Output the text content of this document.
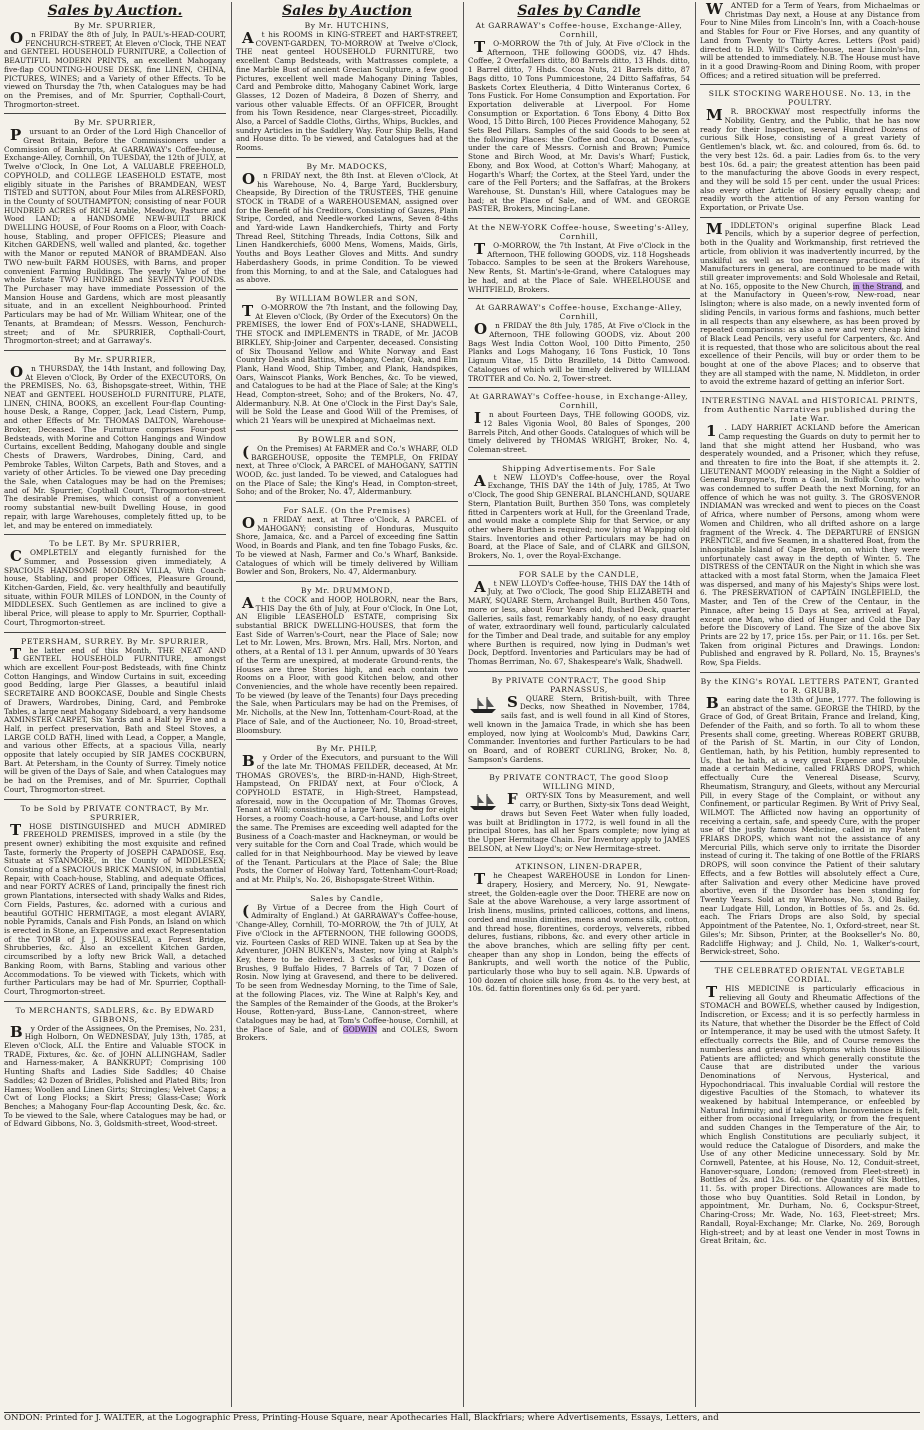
Sales by Auction.

By Mr. SPURRIER,

O n FRIDAY the 8th of July, In PAUL's-HEAD-COURT, FENCHURCH-STREET, At Eleven o'Clock, THE NEAT and GENTEEL HOUSEHOLD FURNITURE, a Collection of BEAUTIFUL MODERN PRINTS, an excellent Mahogany five-flap COUNTING-HOUSE DESK, fine LINEN, CHINA, PICTURES, WINES; and a Variety of other Effects. To be viewed on Thursday the 7th, when Catalogues may be had on the Premises, and of Mr. Spurrier, Copthall-Court, Throgmorton-street.

By Mr. SPURRIER,

P ursuant to an Order of the Lord High Chancellor of Great Britain, Before the Commissioners under a Commission of Bankrupts, At GARRAWAY's Coffee-house, Exchange-Alley, Cornhill, On TUESDAY, the 12th of JULY, at Twelve o'Clock, In One Lot, A VALUABLE FREEHOLD, COPYHOLD, and COLLEGE LEASEHOLD ESTATE, most eligibly situate in the Parishes of BRAMDEAN, WEST TISTED and SUTTON, about Four Miles from ALRESFORD, in the County of SOUTHAMPTON; consisting of near FOUR HUNDRED ACRES of RICH Arable, Meadow, Pasture and Wood LAND; a HANDSOME NEW-BUILT BRICK DWELLING HOUSE, of Four Rooms on a Floor, with Coach-house, Stabling, and proper OFFICES; Pleasure and Kitchen GARDENS, well walled and planted, &c. together with the Manor or reputed MANOR of BRAMDEAN. Also TWO new-built FARM HOUSES, with Barns, and proper convenient Farming Buildings. The yearly Value of the whole Estate TWO HUNDRED and SEVENTY POUNDS. The Purchaser may have immediate Possession of the Mansion House and Gardens, which are most pleasantly situate, and in an excellent Neighbourhood. Printed Particulars may be had of Mr. William Whitear, one of the Tenants, at Bramdean; of Messrs. Wesson, Fenchurch-street; and of Mr. SPURRIER, Copthall-Court, Throgmorton-street; and at Garraway's.

By Mr. SPURRIER,

O n THURSDAY, the 14th Instant, and following Day, At Eleven o'Clock, By Order of the EXECUTORS, On the PREMISES, No. 63, Bishopsgate-street, Within, THE NEAT and GENTEEL HOUSEHOLD FURNITURE, PLATE, LINEN, CHINA, BOOKS, an excellent Four-flap Counting-house Desk, a Range, Copper, Jack, Lead Cistern, Pump, and other Effects of Mr. THOMAS DALTON, Warehouse-Broker, Deceased. The Furniture comprises Four-post Bedsteads, with Morine and Cotton Hangings and Window Curtains, excellent Bedding, Mahogany double and single Chests of Drawers, Wardrobes, Dining, Card, and Pembroke Tables, Wilton Carpets, Bath and Stoves, and a variety of other Articles. To be viewed one Day preceding the Sale, when Catalogues may be had on the Premises; and of Mr. Spurrier, Copthall Court, Throgmorton-street. The desirable Premises, which consist of a convenient roomy substantial new-built Dwelling House, in good repair, with large Warehouses, completely fitted up, to be let, and may be entered on immediately.

To be LET. By Mr. SPURRIER,

C OMPLETELY and elegantly furnished for the Summer, and Possession given immediately, A SPACIOUS HANDSOME MODERN VILLA, With Coach-house, Stabling, and proper Offices, Pleasure Ground, Kitchen-Garden, Field, &c. very healthfully and beautifully situate, within FOUR MILES of LONDON, in the County of MIDDLESEX. Such Gentlemen as are inclined to give a liberal Price, will please to apply to Mr. Spurrier, Copthall-Court, Throgmorton-street.

PETERSHAM, SURREY. By Mr. SPURRIER,

T he latter end of this Month, THE NEAT AND GENTEEL HOUSEHOLD FURNITURE, amongst which are excellent Four-post Bedsteads, with fine Chintz Cotton Hangings, and Window Curtains in suit, exceeding good Bedding, large Pier Glasses, a beautiful inlaid SECRETAIRE AND BOOKCASE, Double and Single Chests of Drawers, Wardrobes, Dining, Card, and Pembroke Tables, a large neat Mahogany Sideboard, a very handsome AXMINSTER CARPET, Six Yards and a Half by Five and a Half, in perfect preservation, Bath and Steel Stoves, a LARGE COLD BATH, lined with Lead, a Copper, a Mangle, and various other Effects, at a spacious Villa, nearly opposite that lately occupied by SIR JAMES COCKBURN, Bart. At Petersham, in the County of Surrey. Timely notice will be given of the Days of Sale, and when Catalogues may be had on the Premises, and of Mr. Spurrier, Copthall Court, Throgmorton-street.

To be Sold by PRIVATE CONTRACT, By Mr. SPURRIER,

T HOSE DISTINGUISHED and MUCH ADMIRED FREEHOLD PREMISES, improved in a stile (by the present owner) exhibiting the most exquisite and refined Taste, formerly the Property of JOSEPH CAPADOSE, Esq. Situate at STANMORE, in the County of MIDDLESEX; Consisting of a SPACIOUS BRICK MANSION, in substantial Repair, with Coach-house, Stabling, and adequate Offices, and near FORTY ACRES of Land, principally the finest rich grown Plantations, intersected with shady Walks and Rides, Corn Fields, Pastures, &c. adorned with a curious and beautiful GOTHIC HERMITAGE, a most elegant AVIARY, noble Pyramids, Canals and Fish Ponds, an Island on which is erected in Stone, an Expensive and exact Representation of the TOMB of J. J. ROUSSEAU, a Forest Bridge, Shrubberies, &c. Also an excellent Kitchen Garden, circumscribed by a lofty new Brick Wall, a detached Banking Room, with Barns, Stabling and various other Accommodations. To be viewed with Tickets, which with further Particulars may be had of Mr. Spurrier, Copthall-Court, Throgmorton-street.

To MERCHANTS, SADLERS, &c. By EDWARD GIBBONS,

B y Order of the Assignees, On the Premises, No. 231, High Holborn, On WEDNESDAY, July 13th, 1785, at Eleven o'Clock, ALL the Entire and Valuable STOCK in TRADE, Fixtures, &c. &c. of JOHN ALLINGHAM, Sadler and Harness-maker, A BANKRUPT; Comprising 100 Hunting Shafts and Ladies Side Saddles; 40 Chaise Saddles; 42 Dozen of Bridles, Polished and Plated Bits; Iron Hames; Woollen and Linen Girts; Strcingles; Velvet Caps; a Cwt of Long Flocks; a Skirt Press; Glass-Case; Work Benches; a Mahogany Four-flap Accounting Desk, &c. &c. To be viewed to the Sale, where Catalogues may be had, or of Edward Gibbons, No. 3, Goldsmith-street, Wood-street.

Sales by Auction

By Mr. HUTCHINS,

A t his ROOMS in KING-STREET and HART-STREET, COVENT-GARDEN, TO-MORROW at Twelve o'Clock, THE neat genteel HOUSEHOLD FURNITURE, two excellent Camp Bedsteads, with Mattrasses complete, a fine Marble Bust of ancient Grecian Sculpture, a few good Pictures, excellent well made Mahogany Dining Tables, Card and Pembroke ditto, Mahogany Cabinet Work, large Glasses, 12 Dozen of Madeira, 8 Dozen of Sherry, and various other valuable Effects. Of an OFFICER, Brought from his Town Residence, near Clarges-street, Piccadilly. Also, a Parcel of Saddle Cloths, Girths, Whips, Buckles, and sundry Articles in the Saddlery Way. Four Ship Bells, Hand and House ditto. To be viewed, and Catalogues had at the Rooms.

By Mr. MADOCKS,

O n FRIDAY next, the 8th Inst. at Eleven o'Clock, At his Warehouse, No. 4, Barge Yard, Bucklersbury, Cheapside, By Direction of the TRUSTEES, THE genuine STOCK in TRADE of a WAREHOUSEMAN, assigned over for the Benefit of his Creditors, Consisting of Gauzes, Plain Stripe, Corded, and Needle-worked Lawns, Seven 8-4ths and Yard-wide Lawn Handkerchiefs, Thirty and Forty Thread Reel, Stitching Threads, India Cottons, Silk and Linen Handkerchiefs, 6000 Mens, Womens, Maids, Girls, Youths and Boys Leather Gloves and Mitts. And sundry Haberdashery Goods, in prime Condition. To be viewed from this Morning, to and at the Sale, and Catalogues had as above.

By WILLIAM BOWLER and SON,

T O-MORROW the 7th Instant, and the following Day, At Eleven o'Clock, (By Order of the Executors) On the PREMISES, the lower End of FOX's-LANE, SHADWELL, THE STOCK and IMPLEMENTS in TRADE, of Mr. JACOB BIRKLEY, Ship-Joiner and Carpenter, deceased. Consisting of Six Thousand Yellow and White Norway and East Country Deals and Battins, Mahogany, Cedar, Oak, and Elm Plank, Hand Wood, Ship Timber, and Plank, Handspikes, Oars, Wainscot Planks, Work Benches, &c. To be viewed, and Catalogues to be had at the Place of Sale; at the King's Head, Compton-street, Soho; and of the Brokers, No. 47, Aldermanbury. N.B. At One o'Clock in the First Day's Sale, will be Sold the Lease and Good Will of the Premises, of which 21 Years will be unexpired at Michaelmas next.

By BOWLER and SON,

( On the Premises) At FARMER and Co.'s WHARF, OLD BARGEHOUSE, opposite the TEMPLE, On FRIDAY next, at Three o'Clock, A PARCEL of MAHOGANY, SATTIN WOOD, &c. just landed. To be viewed, and Catalogues had on the Place of Sale; the King's Head, in Compton-street, Soho; and of the Broker, No. 47, Aldermanbury.

For SALE. (On the Premises)

O n FRIDAY next, at Three o'Clock, A PARCEL of MAHOGANY; consisting of Honduras, Musquito Shore, Jamaica, &c. and a Parcel of exceeding fine Sattin Wood, in Boards and Plank, and ten fine Tobago Fusks, &c. To be viewed at Nash, Farmer and Co.'s Wharf, Bankside. Catalogues of which will be timely delivered by William Bowler and Son, Brokers, No. 47, Aldermanbury.

By Mr. DRUMMOND,

A t the COCK and HOOP, HOLBORN, near the Bars, THIS Day the 6th of July, at Four o'Clock, In One Lot, AN Eligible LEASEHOLD ESTATE, comprising Six substantial BRICK DWELLING-HOUSES, that form the East Side of Warren's-Court, near the Place of Sale; now Let to Mr. Lowen, Mrs. Brown, Mrs. Hall, Mrs. Norton, and others, at a Rental of 13 l. per Annum, upwards of 30 Years of the Term are unexpired, at moderate Ground-rents, the Houses are three Stories high, and each contain two Rooms on a Floor, with good Kitchen below, and other Conveniencies, and the whole have recently been repaired. To be viewed (by leave of the Tenants) four Days preceding the Sale, when Particulars may be had on the Premises, of Mr. Nicholls, at the New Inn, Tottenham-Court-Road, at the Place of Sale, and of the Auctioneer, No. 10, Broad-street, Bloomsbury.

By Mr. PHILP,

B y Order of the Executors, and pursuant to the Will of the late Mr. THOMAS FEILDER, deceased, At Mr. THOMAS GROVES's, the BIRD-in-HAND, High-Street, Hampstead, On FRIDAY next, at Four o'Clock, A COPYHOLD ESTATE, in High-Street, Hampstead, aforesaid, now in the Occupation of Mr. Thomas Groves, Tenant at Will; consisting of a large Yard, Stabling for eight Horses, a roomy Coach-house, a Cart-house, and Lofts over the same. The Premises are exceeding well adapted for the Business of a Coach-master and Hackneyman, or would be very suitable for the Corn and Coal Trade, which would be called for in that Neighbourhood. May be viewed by leave of the Tenant. Particulars at the Place of Sale; the Blue Posts, the Corner of Holway Yard, Tottenham-Court-Road; and at Mr. Philp's, No. 26, Bishopsgate-Street Within.

Sales by Candle,

( By Virtue of a Decree from the High Court of Admiralty of England.) At GARRAWAY's Coffee-house, 'Change-Alley, Cornhill, TO-MORROW, the 7th of JULY, At Five o'Clock in the AFTERNOON, THE following GOODS, viz. Fourteen Casks of RED WINE. Taken up at Sea by the Adventurer, JOHN BUKEN's, Master, now lying at Ralph's Key, there to be delivered. 3 Casks of Oil, 1 Case of Brushes, 9 Buffalo Hides, 7 Barrels of Tar, 7 Dozen of Rosin. Now lying at Gravesend, and there to be delivered. To be seen from Wednesday Morning, to the Time of Sale, at the following Places, viz. The Wine at Ralph's Key, and the Samples of the Remainder of the Goods, at the Broker's House, Rotten-yard, Buss-Lane, Cannon-street, where Catalogues may be had, at Tom's Coffee-house, Cornhill, at the Place of Sale, and of GODWIN and COLES, Sworn Brokers.

Sales by Candle

At GARRAWAY's Coffee-house, Exchange-Alley, Cornhill,

T O-MORROW the 7th of July, At Five o'Clock in the Afternoon, THE following GOODS, viz. 47 Hhds. Coffee, 2 Overfallers ditto, 80 Barrels ditto, 13 Hhds. ditto, 1 Barrel ditto, 7 Hhds. Cocoa Nuts, 21 Barrels ditto, 87 Bags ditto, 10 Tons Pummicestone, 24 Ditto Saffafras, 54 Baskets Cortex Eleutheria, 4 Ditto Winteranus Cortex, 6 Tons Fustick. For Home Consumption and Exportation. For Exportation deliverable at Liverpool. For Home Consumption or Exportation. 6 Tons Ebony, 4 Ditto Box Wood, 15 Ditto Birch, 100 Pieces Providence Mahogany, 52 Sets Bed Pillars. Samples of the said Goods to be seen at the following Places: the Coffee and Cocoa, at Downes's, under the care of Messrs. Cornish and Brown; Pumice Stone and Birch Wood, at Mr. Davis's Wharf; Fustick, Ebony, and Box Wood, at Cotton's Wharf; Mahogany, at Hogarth's Wharf; the Cortex, at the Steel Yard, under the care of the Fell Porters; and the Saffafras, at the Brokers Warehouse, St. Dunstan's Hill, where Catalogues may be had; at the Place of Sale, and of WM. and GEORGE PASTER, Brokers, Mincing-Lane.

At the NEW-YORK Coffee-house, Sweeting's-Alley, Cornhill,

T O-MORROW, the 7th Instant, At Five o'Clock in the Afternoon, THE following GOODS, viz. 118 Hogsheads Tobacco. Samples to be seen at the Brokers Warehouse, New Rents, St. Martin's-le-Grand, where Catalogues may be had, and at the Place of Sale. WHEELHOUSE and WHITFIELD, Brokers.

At GARRAWAY's Coffee-house, Exchange-Alley, Cornhill,

O n FRIDAY the 8th July, 1785, At Five o'Clock in the Afternoon, THE following GOODS, viz. About 200 Bags West India Cotton Wool, 100 Ditto Pimento, 250 Planks and Logs Mahogany, 16 Tons Fustick, 10 Tons Lignum Vitae, 15 Ditto Brazilleto, 14 Ditto Camwood. Catalogues of which will be timely delivered by WILLIAM TROTTER and Co. No. 2, Tower-street.

At GARRAWAY's Coffee-house, in Exchange-Alley, Cornhill,

I n about Fourteen Days, THE following GOODS, viz. 12 Bales Vigonia Wool, 80 Bales of Sponges, 200 Barrels Pitch, And other Goods. Catalogues of which will be timely delivered by THOMAS WRIGHT, Broker, No. 4, Coleman-street.

Shipping Advertisements. For Sale

A t NEW LLOYD's Coffee-house, over the Royal Exchange, THIS DAY the 14th of July, 1785, At Two o'Clock, The good Ship GENERAL BLANCHLAND, SQUARE Stern, Plantation Built, Burthen 350 Tons, was completely fitted in Carpenters work at Hull, for the Greenland Trade, and would make a complete Ship for that Service, or any other where Burthen is required; now lying at Wapping old Stairs. Inventories and other Particulars may be had on Board, at the Place of Sale, and of CLARK and GILSON, Brokers, No. 1, over the Royal-Exchange.

FOR SALE by the CANDLE,

A t NEW LLOYD's Coffee-house, THIS DAY the 14th of July, at Two o'Clock, The good Ship ELIZABETH and MARY, SQUARE Stern, Archangel Built, Burthen 450 Tons, more or less, about Four Years old, flushed Deck, quarter Galleries, sails fast, remarkably handy, of no easy draught of water, extraordinary well found, particularly calculated for the Timber and Deal trade, and suitable for any employ where Burthen is required, now lying in Dudman's wet Dock, Deptford. Inventories and Particulars may be had of Thomas Berriman, No. 67, Shakespeare's Walk, Shadwell.

By PRIVATE CONTRACT, The good Ship PARNASSUS,

S QUARE Stern, British-built, with Three Decks, now Sheathed in November, 1784, sails fast, and is well found in all Kind of Stores, well known in the Jamaica Trade, in which she has been employed, now lying at Woolcomb's Mud, Dawkins Carr, Commander. Inventories and further Particulars to be had on Board, and of ROBERT CURLING, Broker, No. 8, Sampson's Gardens.

By PRIVATE CONTRACT, The good Sloop WILLING MIND,

F ORTY-SIX Tons by Measurement, and well carry, or Burthen, Sixty-six Tons dead Weight, draws but Seven Feet Water when fully loaded, was built at Bridlington in 1772, is well found in all the principal Stores, has all her Spars complete; now lying at the Upper Hermitage Chain. For Inventory apply to JAMES BELSON, at New Lloyd's; or New Hermitage-street.

ATKINSON, LINEN-DRAPER,

T he Cheapest WAREHOUSE in London for Linen-drapery, Hosiery, and Mercery, No. 91, Newgate-street, the Golden-eagle over the Door. THERE are now on Sale at the above Warehouse, a very large assortment of Irish linens, muslins, printed callicoes, cottons, and linens, corded and muslin dimities, mens and womens silk, cotton, and thread hose, florentines, corderoys, velverets, ribbed delures, fustians, ribbons, &c. and every other article in the above branches, which are selling fifty per cent. cheaper than any shop in London, being the effects of Bankrupts, and well worth the notice of the Public, particularly those who buy to sell again. N.B. Upwards of 100 dozen of choice silk hose, from 4s. to the very best, at 10s. 6d. fattin florentines only 6s 6d. per yard.

W ANTED for a Term of Years, from Michaelmas or Christmas Day next, a House at any Distance from Four to Nine Miles from Lincoln's Inn, with a Coach-house and Stables for Four or Five Horses, and any quantity of Land from Twenty to Thirty Acres. Letters (Post paid) directed to H.D. Will's Coffee-house, near Lincoln's-Inn, will be attended to immediately. N.B. The House must have in it a good Drawing-Room and Dining Room, with proper Offices; and a retired situation will be preferred.

SILK STOCKING WAREHOUSE. No. 13, in the POULTRY.

M R. BROCKWAY most respectfully informs the Nobility, Gentry, and the Public, that he has now ready for their Inspection, several Hundred Dozens of curious Silk Hose, consisting of a great variety of Gentlemen's black, wt. &c. and coloured, from 6s. 6d. to the very best 12s. 6d. a pair. Ladies from 6s. to the very best 10s. 6d. a pair; the greatest attention has been paid to the manufacturing the above Goods in every respect, and they will be sold 15 per cent. under the usual Prices: also every other Article of Hosiery equally cheap; and readily worth the attention of any Person wanting for Exportation, or Private Use.

M IDDLETON's original superfine Black Lead Pencils, which by a superior degree of perfection, both in the Quality and Workmanship, first retrieved the article, from oblivion it was inadvertently incurred, by the unskilful as well as too mercenary practices of its Manufacturers in general, are continued to be made with still greater improvements: and Sold Wholesale and Retail, at No. 165, opposite to the New Church, in the Strand, and at the Manufactory in Queen's-row, New-road, near Islington; where is also made, on a newly invented form of sliding Pencils, in various forms and fashions, much better in all respects than any elsewhere, as has been proved by repeated comparisons: as also a new and very cheap kind of Black Lead Pencils, very useful for Carpenters, &c. And it is requested, that those who are solicitous about the real excellence of their Pencils, will buy or order them to be bought at one of the above Places; and to observe that they are all stamped with the name, N. Middleton, in order to avoid the extreme hazard of getting an inferior Sort.

INTERESTING NAVAL and HISTORICAL PRINTS, from Authentic Narratives published during the late War.

1 . LADY HARRIET ACKLAND before the American Camp requesting the Guards on duty to permit her to land that she might attend her Husband, who was desperately wounded, and a Prisoner, which they refuse, and threaten to fire into the Boat, if she attempts it. 2. LIEUTENANT MOODY releasing in the Night a Soldier of General Burgoyne's, from a Gaol, in Suffolk County, who was condemned to suffer Death the next Morning, for an offence of which he was not guilty. 3. The GROSVENOR INDIAMAN was wrecked and went to pieces on the Coast of Africa, where number of Persons, among whom were Women and Children, who all drifted ashore on a large fragment of the Wreck. 4. The DEPARTURE of ENSIGN PRENTICE, and five Seamen, in a shattered Boat, from the inhospitable Island of Cape Breton, on which they were unfortunately cast away in the depth of Winter. 5. The DISTRESS of the CENTAUR on the Night in which she was attacked with a most fatal Storm, when the Jamaica Fleet was dispersed, and many of his Majesty's Ships were lost. 6. The PRESERVATION of CAPTAIN INGLEFIELD, the Master, and Ten of the Crew of the Centaur, in the Pinnace, after being 15 Days at Sea, arrived at Fayal, except one Man, who died of Hunger and Cold the Day before the Discovery of Land. The Size of the above Six Prints are 22 by 17, price 15s. per Pair, or 11. 16s. per Set. Taken from original Pictures and Drawings. London: Published and engraved by R. Pollard, No. 15, Braynes's Row, Spa Fields.

By the KING's ROYAL LETTERS PATENT, Granted to R. GRUBB,

B earing date the 13th of June, 1777. The following is an abstract of the same. GEORGE the THIRD, by the Grace of God, of Great Britain, France and Ireland, King, Defender of the Faith, and so forth. To all to whom these Presents shall come, greeting. Whereas ROBERT GRUBB, of the Parish of St. Martin, in our City of London, Gentleman, hath, by his Petition, humbly represented to Us, that he hath, at a very great Expence and Trouble, made a certain Medicine, called FRIARS DROPS, which effectually Cure the Venereal Disease, Scurvy, Rheumatism, Strangury, and Gleets, without any Mercurial Pill, in every Stage of the Complaint, or without any Confinement, or particular Regimen. By Writ of Privy Seal, WILMOT. The Afflicted now having an opportunity of receiving a certain, safe, and speedy Cure, with the proper use of the justly famous Medicine, called in my Patent FRIARS DROPS, which want not the assistance of any Mercurial Pills, which serve only to irritate the Disorder instead of curing it. The taking of one Bottle of the FRIARS DROPS, will soon convince the Patient of their salutary Effects, and a few Bottles will absolutely effect a Cure, after Salivation and every other Medicine have proved abortive, even if the Disorder has been standing for Twenty Years. Sold at my Warehouse, No. 3, Old Bailey, near Ludgate Hill, London, in Bottles of 5s. and 2s. 6d. each. The Friars Drops are also Sold, by special Appointment of the Patentee, No. 1, Oxford-street, near St. Giles's; Mr. Sibson, Printer, at the Bookseller's No. 80, Radcliffe Highway; and J. Child, No. 1, Walker's-court, Berwick-street, Soho.

THE CELEBRATED ORIENTAL VEGETABLE CORDIAL.

T HIS MEDICINE is particularly efficacious in relieving all Gouty and Rheumatic Affections of the STOMACH and BOWELS, whether caused by Indigestion, Indiscretion, or Excess; and it is so perfectly harmless in its Nature, that whether the Disorder be the Effect of Cold or Intemperance, it may be used with the utmost Safety. It effectually corrects the Bile, and of Course removes the numberless and grievous Symptoms which those Bilious Patients are afflicted; and which generally constitute the Cause that are distributed under the various Denominations of Nervous, Hysterical, and Hypochondriacal. This invaluable Cordial will restore the digestive Faculties of the Stomach, to whatever its weakened by habitual Intemperance, or enfeebled by Natural Infirmity; and if taken when Inconvenience is felt, either from occasional Irregularity, or from the frequent and sudden Changes in the Temperature of the Air, to which English Constitutions are peculiarly subject, it would reduce the Catalogue of Disorders, and make the Use of any other Medicine unnecessary. Sold by Mr. Cornwell, Patentee, at his House, No. 12, Conduit-street, Hanover-square, London; (removed from Fleet-street) in Bottles of 2s. and 12s. 6d. or the Quantity of Six Bottles, 11. 5s. with proper Directions. Allowances are made to those who buy Quantities. Sold Retail in London, by appointment, Mr. Durham, No. 6, Cockspur-Street, Charing-Cross; Mr. Wade, No. 163, Fleet-street; Mrs. Randall, Royal-Exchange; Mr. Clarke, No. 269, Borough High-street; and by at least one Vender in most Towns in Great Britain, &c.

ONDON: Printed for J. WALTER, at the Logographic Press, Printing-House Square, near Apothecaries Hall, Blackfriars; where Advertisements, Essays, Letters, and
